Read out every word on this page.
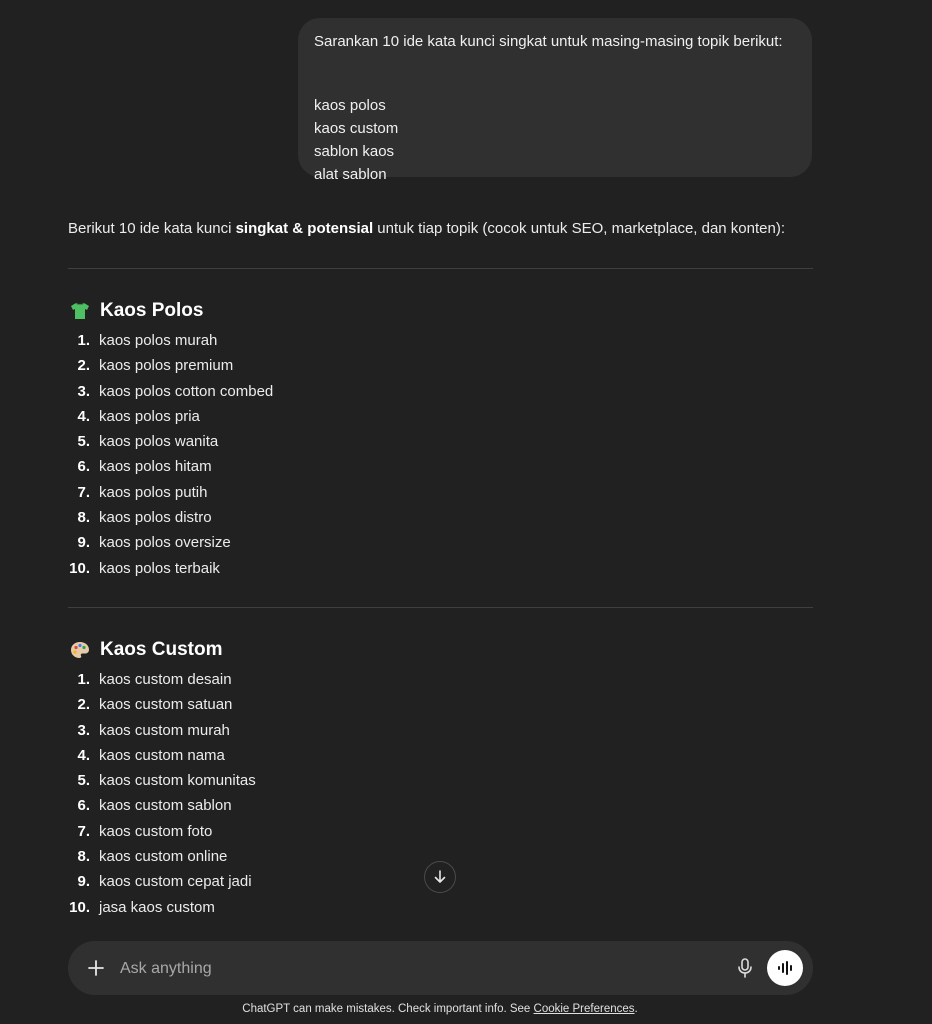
Sarankan 10 ide kata kunci singkat untuk masing-masing topik berikut:
kaos polos
kaos custom
sablon kaos
alat sablon
Berikut 10 ide kata kunci singkat & potensial untuk tiap topik (cocok untuk SEO, marketplace, dan konten):
Kaos Polos
1. kaos polos murah
2. kaos polos premium
3. kaos polos cotton combed
4. kaos polos pria
5. kaos polos wanita
6. kaos polos hitam
7. kaos polos putih
8. kaos polos distro
9. kaos polos oversize
10. kaos polos terbaik
Kaos Custom
1. kaos custom desain
2. kaos custom satuan
3. kaos custom murah
4. kaos custom nama
5. kaos custom komunitas
6. kaos custom sablon
7. kaos custom foto
8. kaos custom online
9. kaos custom cepat jadi
10. jasa kaos custom
Ask anything
ChatGPT can make mistakes. Check important info. See Cookie Preferences.
